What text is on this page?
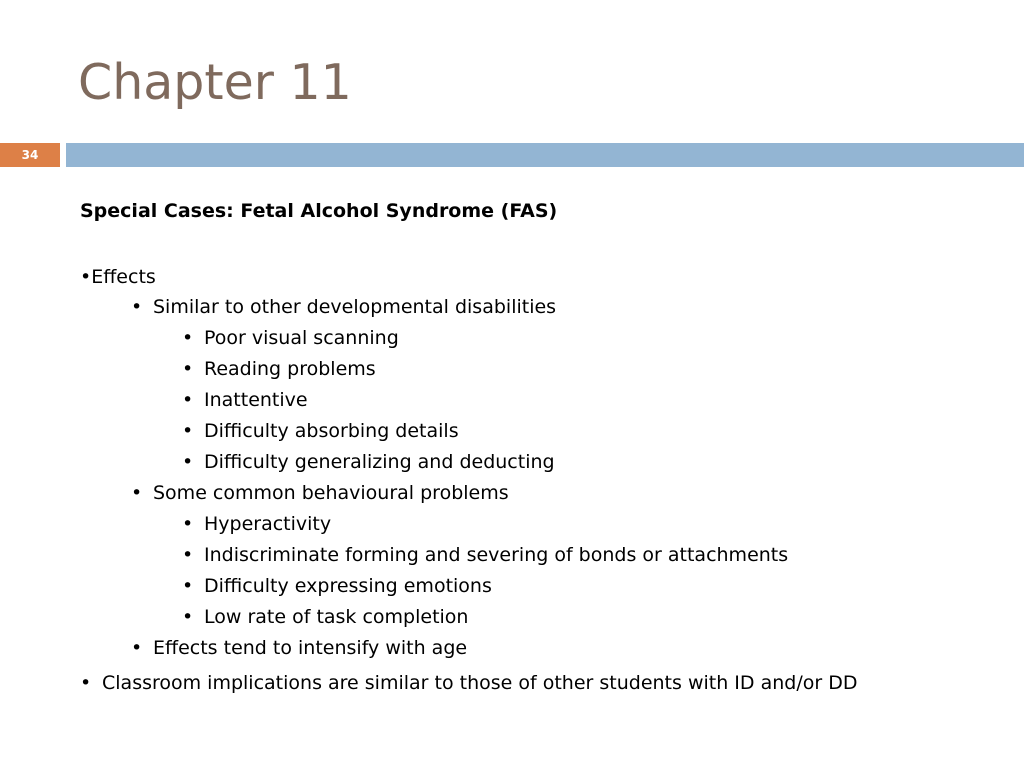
Chapter 11
34

Special Cases: Fetal Alcohol Syndrome (FAS)

•Effects
• Similar to other developmental disabilities
• Poor visual scanning
• Reading problems
• Inattentive
• Difficulty absorbing details
• Difficulty generalizing and deducting
• Some common behavioural problems
• Hyperactivity
• Indiscriminate forming and severing of bonds or attachments
• Difficulty expressing emotions
• Low rate of task completion
• Effects tend to intensify with age
• Classroom implications are similar to those of other students with ID and/or DD
